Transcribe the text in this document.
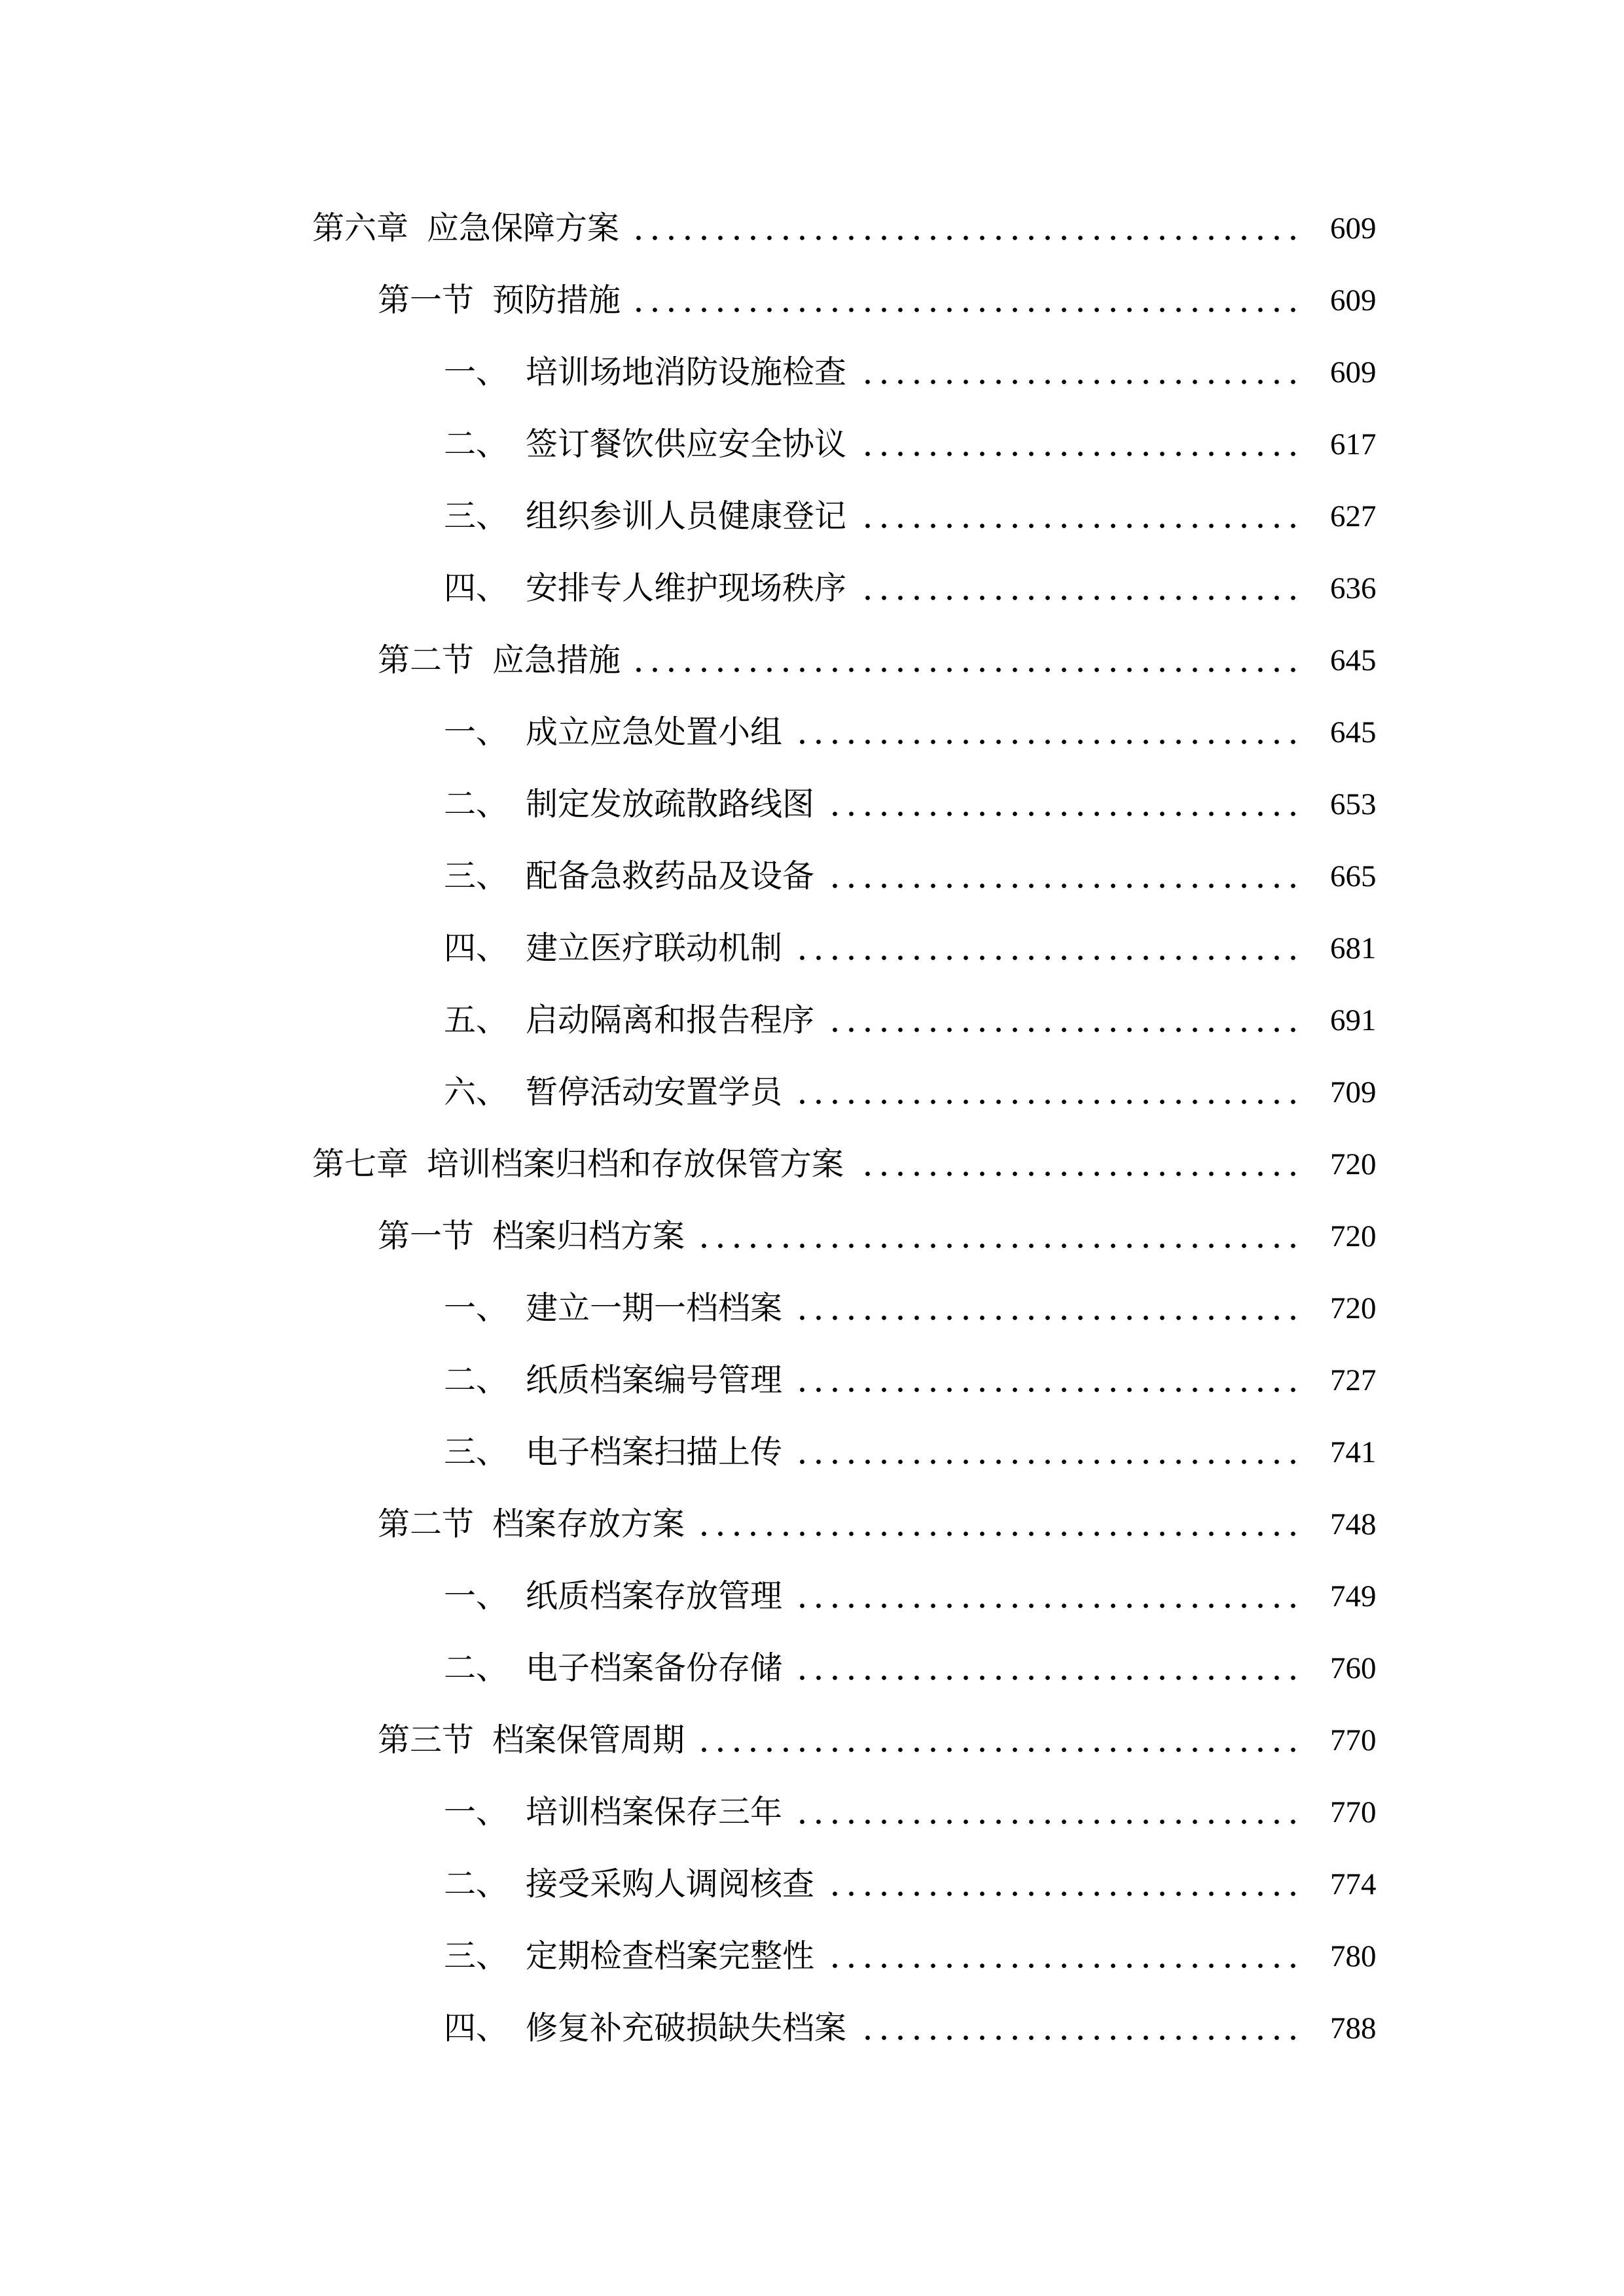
第六章 应急保障方案	609
第一节 预防措施	609
一、 培训场地消防设施检查	609
二、 签订餐饮供应安全协议	617
三、 组织参训人员健康登记	627
四、 安排专人维护现场秩序	636
第二节 应急措施	645
一、 成立应急处置小组	645
二、 制定发放疏散路线图	653
三、 配备急救药品及设备	665
四、 建立医疗联动机制	681
五、 启动隔离和报告程序	691
六、 暂停活动安置学员	709
第七章 培训档案归档和存放保管方案	720
第一节 档案归档方案	720
一、 建立一期一档档案	720
二、 纸质档案编号管理	727
三、 电子档案扫描上传	741
第二节 档案存放方案	748
一、 纸质档案存放管理	749
二、 电子档案备份存储	760
第三节 档案保管周期	770
一、 培训档案保存三年	770
二、 接受采购人调阅核查	774
三、 定期检查档案完整性	780
四、 修复补充破损缺失档案	788
